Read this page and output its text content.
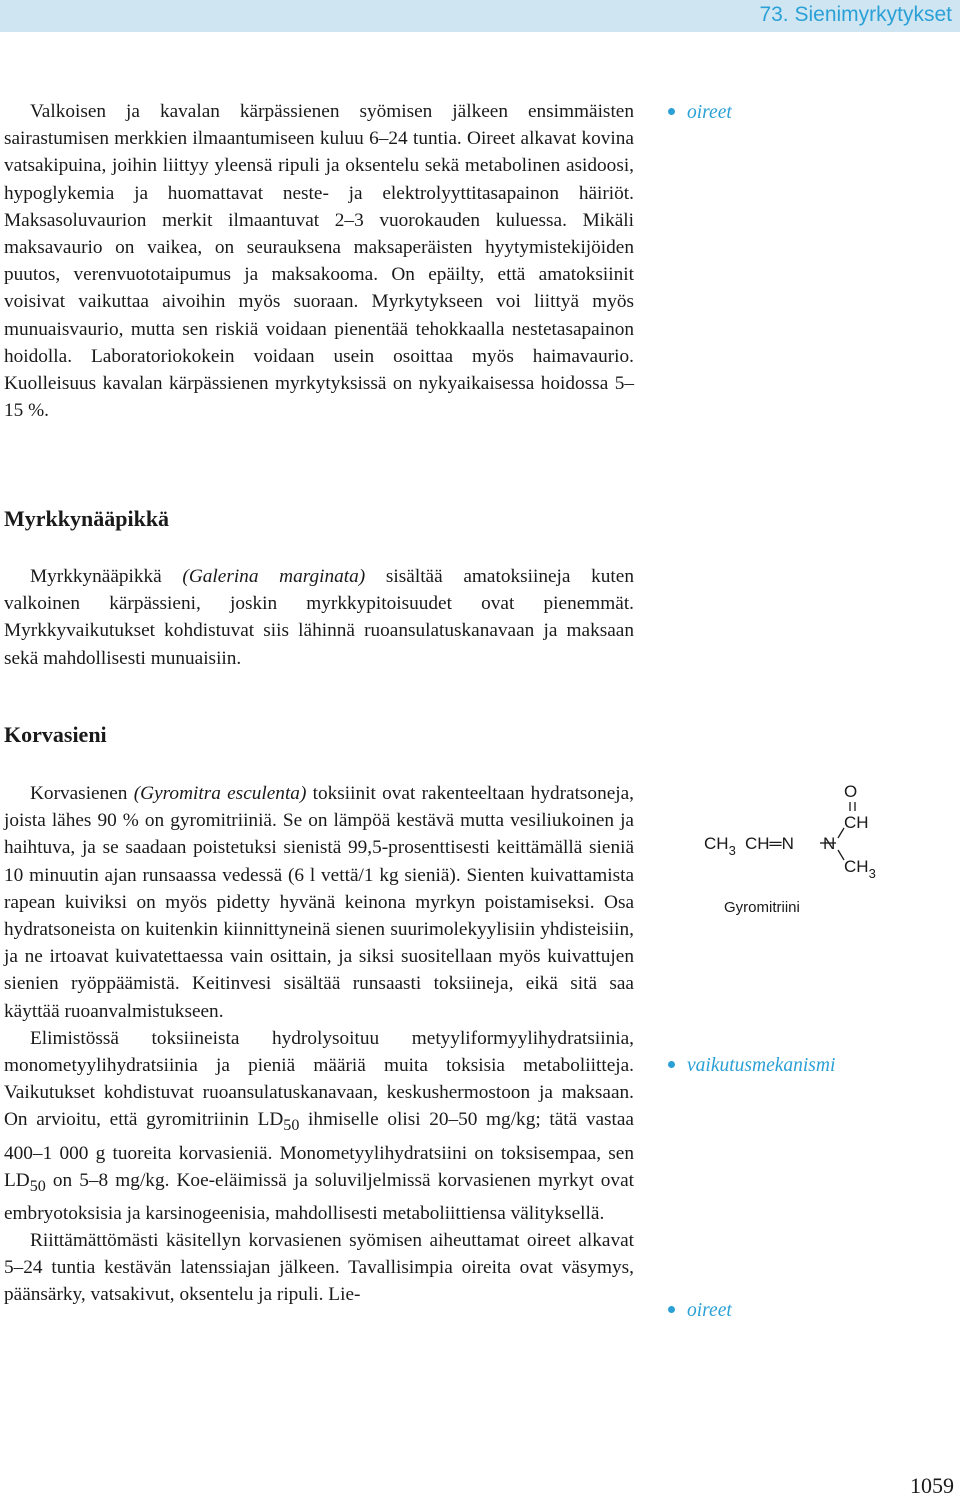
73. Sienimyrkytykset

Valkoisen ja kavalan kärpässienen syömisen jälkeen ensimmäisten sairastumisen merkkien ilmaantumiseen kuluu 6–24 tuntia. Oireet alkavat kovina vatsakipuina, joihin liittyy yleensä ripuli ja oksentelu sekä metabolinen asidoosi, hypoglykemia ja huomattavat neste- ja elektrolyyttitasapainon häiriöt. Maksasoluvaurion merkit ilmaantuvat 2–3 vuorokauden kuluessa. Mikäli maksavaurio on vaikea, on seurauksena maksaperäisten hyytymistekijöiden puutos, verenvuototaipumus ja maksakooma. On epäilty, että amatoksiinit voisivat vaikuttaa aivoihin myös suoraan. Myrkytykseen voi liittyä myös munuaisvaurio, mutta sen riskiä voidaan pienentää tehokkaalla nestetasapainon hoidolla. Laboratoriokokein voidaan usein osoittaa myös haimavaurio. Kuolleisuus kavalan kärpässienen myrkytyksissä on nykyaikaisessa hoidossa 5–15 %.

oireet
Myrkkynääpikkä

Myrkkynääpikkä (Galerina marginata) sisältää amatoksiineja kuten valkoinen kärpässieni, joskin myrkkypitoisuudet ovat pienemmät. Myrkkyvaikutukset kohdistuvat siis lähinnä ruoansulatuskanavaan ja maksaan sekä mahdollisesti munuaisiin.

Korvasieni

Korvasienen (Gyromitra esculenta) toksiinit ovat rakenteeltaan hydratsoneja, joista lähes 90 % on gyromitriiniä. Se on lämpöä kestävä mutta vesiliukoinen ja haihtuva, ja se saadaan poistetuksi sienistä 99,5-prosenttisesti keittämällä sieniä 10 minuutin ajan runsaassa vedessä (6 l vettä/1 kg sieniä). Sienten kuivattamista rapean kuiviksi on myös pidetty hyvänä keinona myrkyn poistamiseksi. Osa hydratsoneista on kuitenkin kiinnittyneinä sienen suurimolekyylisiin yhdisteisiin, ja ne irtoavat kuivatettaessa vain osittain, ja siksi suositellaan myös kuivattujen sienien ryöppäämistä. Keitinvesi sisältää runsaasti toksiineja, eikä sitä saa käyttää ruoanvalmistukseen.

Elimistössä toksiineista hydrolysoituu metyyliformyylihydratsiinia, monometyylihydratsiinia ja pieniä määriä muita toksisia metaboliitteja. Vaikutukset kohdistuvat ruoansulatuskanavaan, keskushermostoon ja maksaan. On arvioitu, että gyromitriinin $LD_{50}$ ihmiselle olisi 20–50 mg/kg; tätä vastaa 400–1 000 g tuoreita korvasieniä. Monometyylihydratsiini on toksisempaa, sen $LD_{50}$ on 5–8 mg/kg. Koe-eläimissä ja soluviljelmissä korvasienen myrkyt ovat embryotoksisia ja karsinogeenisia, mahdollisesti metaboliittiensa välityksellä.

Riittämättömästi käsitellyn korvasienen syömisen aiheuttamat oireet alkavat 5–24 tuntia kestävän latenssiajan jälkeen. Tavallisimpia oireita ovat väsymys, päänsärky, vatsakivut, oksentelu ja ripuli. Lie-

O
CH
$CH_3$ CH═N N
$CH_3$
Gyromitriini
vaikutusmekanismi
oireet
1059
